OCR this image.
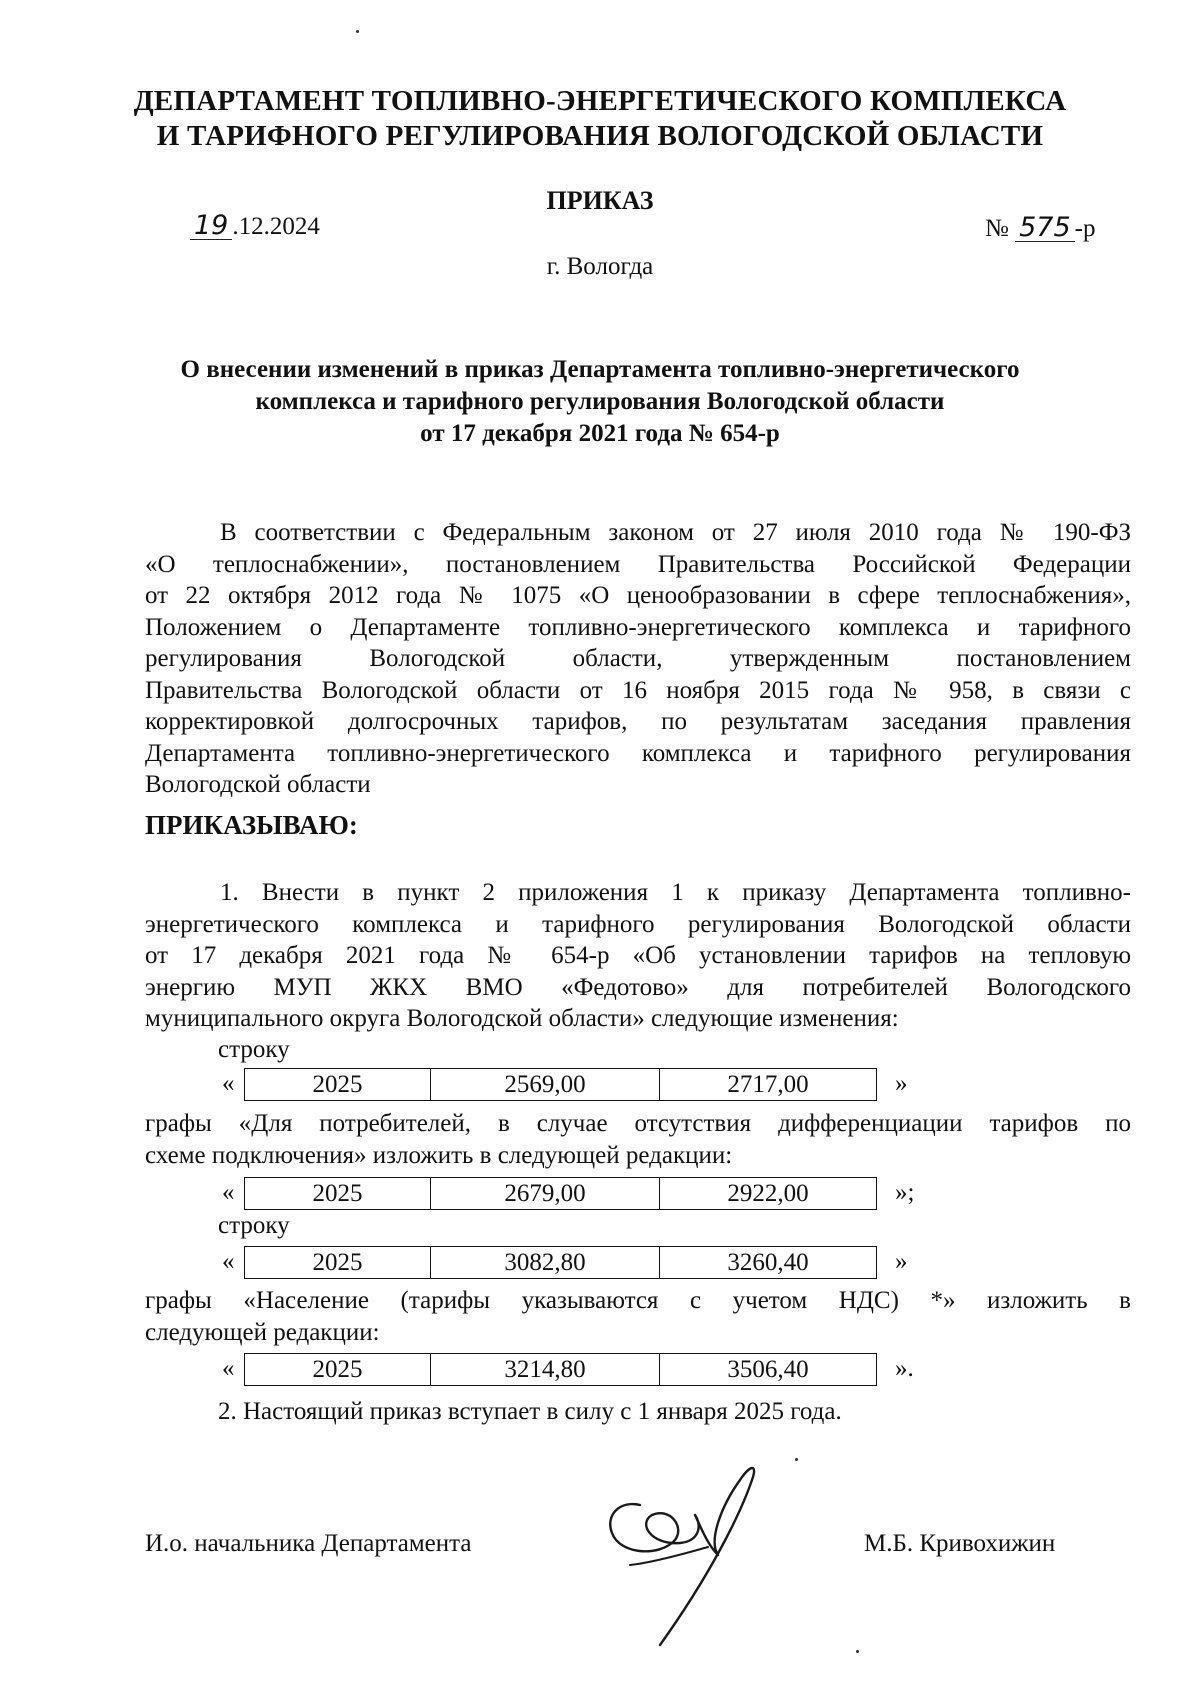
ДЕПАРТАМЕНТ ТОПЛИВНО-ЭНЕРГЕТИЧЕСКОГО КОМПЛЕКСА
И ТАРИФНОГО РЕГУЛИРОВАНИЯ ВОЛОГОДСКОЙ ОБЛАСТИ
ПРИКАЗ
19 .12.2024	№ 575 -р
г. Вологда
О внесении изменений в приказ Департамента топливно-энергетического
комплекса и тарифного регулирования Вологодской области
от 17 декабря 2021 года № 654-р
В соответствии с Федеральным законом от 27 июля 2010 года № 190-ФЗ
«О теплоснабжении», постановлением Правительства Российской Федерации
от 22 октября 2012 года № 1075 «О ценообразовании в сфере теплоснабжения»,
Положением о Департаменте топливно-энергетического комплекса и тарифного
регулирования Вологодской области, утвержденным постановлением
Правительства Вологодской области от 16 ноября 2015 года № 958, в связи с
корректировкой долгосрочных тарифов, по результатам заседания правления
Департамента топливно-энергетического комплекса и тарифного регулирования
Вологодской области
ПРИКАЗЫВАЮ:
1. Внести в пункт 2 приложения 1 к приказу Департамента топливно-
энергетического комплекса и тарифного регулирования Вологодской области
от 17 декабря 2021 года № 654-р «Об установлении тарифов на тепловую
энергию МУП ЖКХ ВМО «Федотово» для потребителей Вологодского
муниципального округа Вологодской области» следующие изменения:
строку
«	2025	2569,00	2717,00	»
графы «Для потребителей, в случае отсутствия дифференциации тарифов по
схеме подключения» изложить в следующей редакции:
«	2025	2679,00	2922,00	»;
строку
«	2025	3082,80	3260,40	»
графы «Население (тарифы указываются с учетом НДС) *» изложить в
следующей редакции:
«	2025	3214,80	3506,40	».
2. Настоящий приказ вступает в силу с 1 января 2025 года.
И.о. начальника Департамента	М.Б. Кривохижин
